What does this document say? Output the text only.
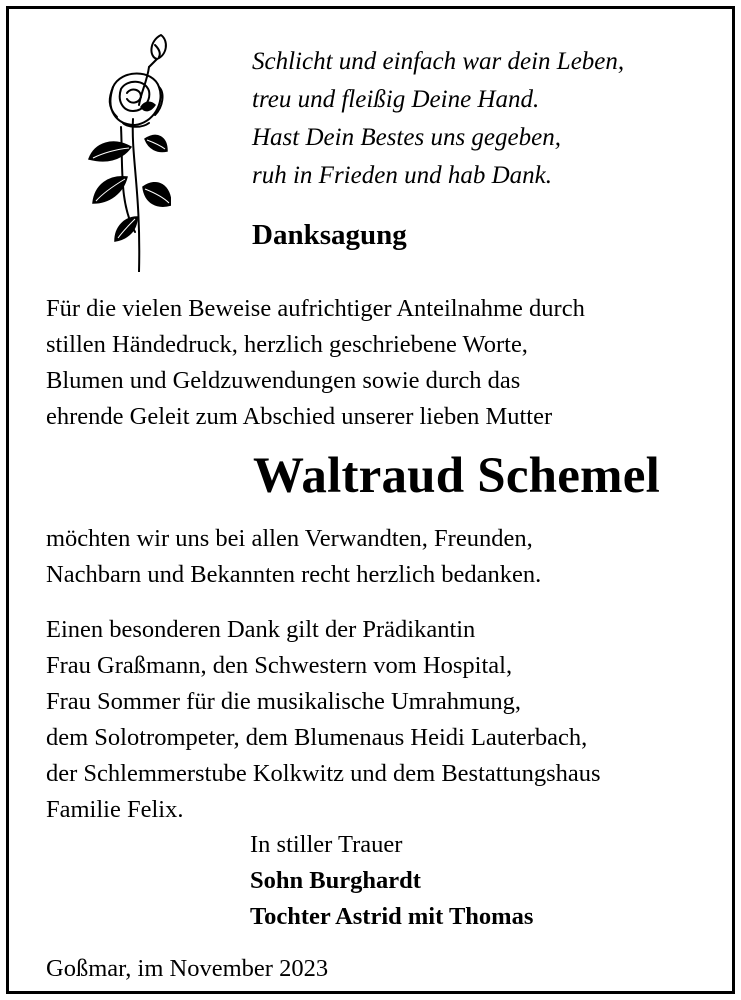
Schlicht und einfach war dein Leben,
treu und fleißig Deine Hand.
Hast Dein Bestes uns gegeben,
ruh in Frieden und hab Dank.
Danksagung
Für die vielen Beweise aufrichtiger Anteilnahme durch
stillen Händedruck, herzlich geschriebene Worte,
Blumen und Geldzuwendungen sowie durch das
ehrende Geleit zum Abschied unserer lieben Mutter
Waltraud Schemel
möchten wir uns bei allen Verwandten, Freunden,
Nachbarn und Bekannten recht herzlich bedanken.
Einen besonderen Dank gilt der Prädikantin
Frau Graßmann, den Schwestern vom Hospital,
Frau Sommer für die musikalische Umrahmung,
dem Solotrompeter, dem Blumenaus Heidi Lauterbach,
der Schlemmerstube Kolkwitz und dem Bestattungshaus
Familie Felix.
In stiller Trauer
Sohn Burghardt
Tochter Astrid mit Thomas
Goßmar, im November 2023
